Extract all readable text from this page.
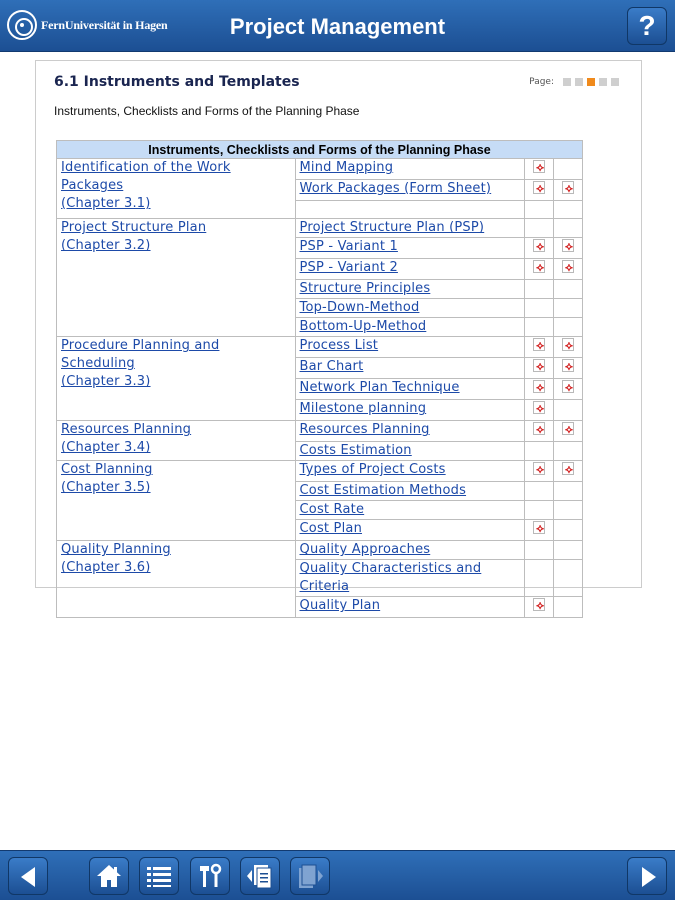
FernUniversität in Hagen	Project Management	?
6.1 Instruments and Templates	Page:
Instruments, Checklists and Forms of the Planning Phase
Instruments, Checklists and Forms of the Planning Phase			

Identification of the Work
Packages
(Chapter 3.1)	Mind Mapping	⟡	
	Work Packages (Form Sheet)	⟡	⟡

Project Structure Plan
(Chapter 3.2)	Project Structure Plan (PSP)		
	PSP - Variant 1	⟡	⟡
	PSP - Variant 2	⟡	⟡
	Structure Principles		
	Top-Down-Method		
	Bottom-Up-Method		

Procedure Planning and
Scheduling
(Chapter 3.3)	Process List	⟡	⟡
	Bar Chart	⟡	⟡
	Network Plan Technique	⟡	⟡
	Milestone planning	⟡	

Resources Planning
(Chapter 3.4)	Resources Planning	⟡	⟡
	Costs Estimation		

Cost Planning
(Chapter 3.5)	Types of Project Costs	⟡	⟡
	Cost Estimation Methods		
	Cost Rate		
	Cost Plan	⟡	

Quality Planning
(Chapter 3.6)	Quality Approaches		
	Quality Characteristics and Criteria		
	Quality Plan	⟡	
